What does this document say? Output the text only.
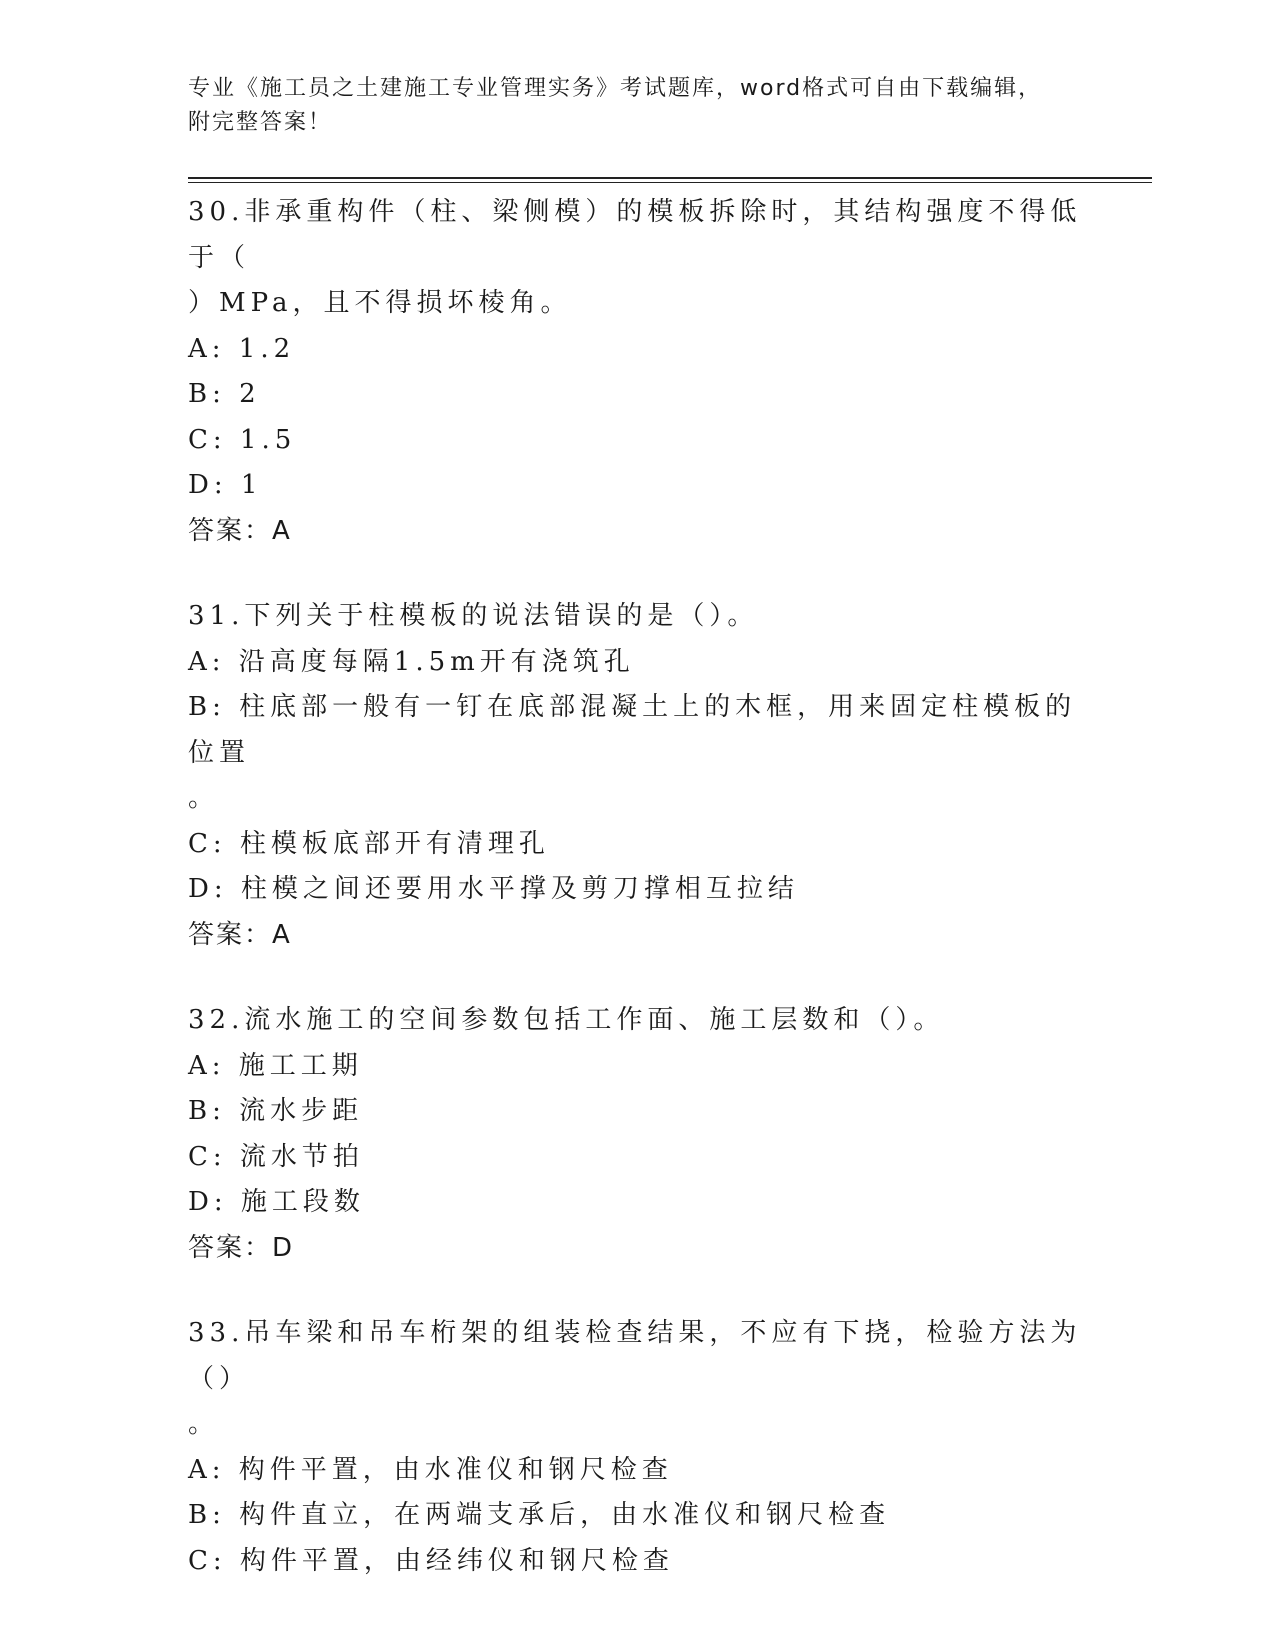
专业《施工员之土建施工专业管理实务》考试题库，word格式可自由下载编辑，
附完整答案！

30.非承重构件（柱、梁侧模）的模板拆除时，其结构强度不得低于（

）MPa，且不得损坏棱角。

A: 1.2

B: 2

C: 1.5

D: 1

答案：A

31.下列关于柱模板的说法错误的是（）。

A: 沿高度每隔1.5m开有浇筑孔

B: 柱底部一般有一钉在底部混凝土上的木框，用来固定柱模板的位置

。

C: 柱模板底部开有清理孔

D: 柱模之间还要用水平撑及剪刀撑相互拉结

答案：A

32.流水施工的空间参数包括工作面、施工层数和（）。

A: 施工工期

B: 流水步距

C: 流水节拍

D: 施工段数

答案：D

33.吊车梁和吊车桁架的组装检查结果，不应有下挠，检验方法为（）

。

A: 构件平置，由水准仪和钢尺检查

B: 构件直立，在两端支承后，由水准仪和钢尺检查

C: 构件平置，由经纬仪和钢尺检查
